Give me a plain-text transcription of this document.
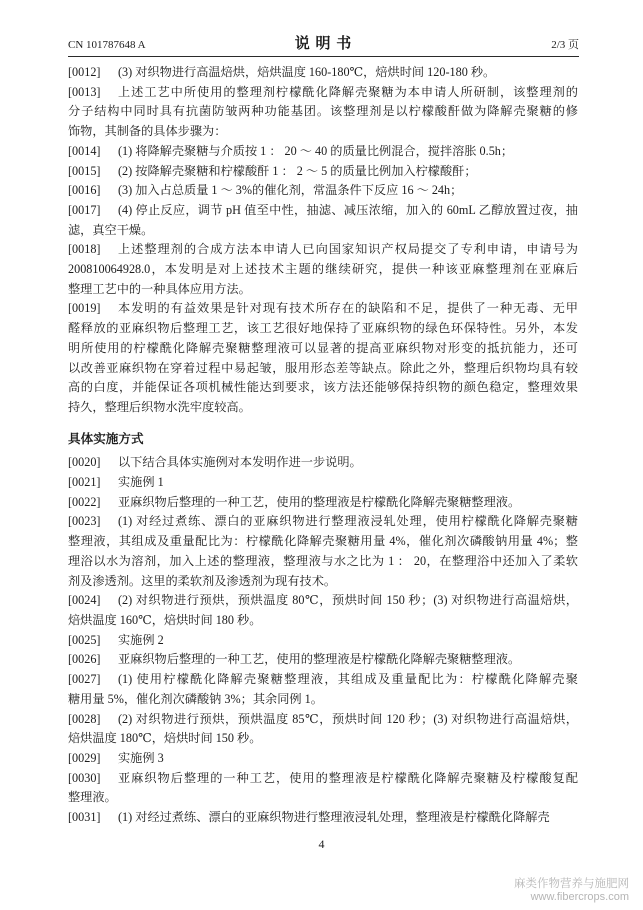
CN 101787648 A	说 明 书	2/3 页
[0012]	(3) 对织物进行高温焙烘，焙烘温度 160-180℃，焙烘时间 120-180 秒。
[0013]	上述工艺中所使用的整理剂柠檬酰化降解壳聚糖为本申请人所研制，该整理剂的
分子结构中同时具有抗菌防皱两种功能基团。该整理剂是以柠檬酸酐做为降解壳聚糖的修
饰物，其制备的具体步骤为：
[0014]	(1) 将降解壳聚糖与介质按 1 ： 20 ～ 40 的质量比例混合，搅拌溶胀 0.5h；
[0015]	(2) 按降解壳聚糖和柠檬酸酐 1 ： 2 ～ 5 的质量比例加入柠檬酸酐；
[0016]	(3) 加入占总质量 1 ～ 3%的催化剂，常温条件下反应 16 ～ 24h；
[0017]	(4) 停止反应，调节 pH 值至中性，抽滤、减压浓缩，加入的 60mL 乙醇放置过夜，抽
滤，真空干燥。
[0018]	上述整理剂的合成方法本申请人已向国家知识产权局提交了专利申请，申请号为
200810064928.0，本发明是对上述技术主题的继续研究，提供一种该亚麻整理剂在亚麻后
整理工艺中的一种具体应用方法。
[0019]	本发明的有益效果是针对现有技术所存在的缺陷和不足，提供了一种无毒、无甲
醛释放的亚麻织物后整理工艺，该工艺很好地保持了亚麻织物的绿色环保特性。另外，本发
明所使用的柠檬酰化降解壳聚糖整理液可以显著的提高亚麻织物对形变的抵抗能力，还可
以改善亚麻织物在穿着过程中易起皱，服用形态差等缺点。除此之外，整理后织物均具有较
高的白度，并能保证各项机械性能达到要求，该方法还能够保持织物的颜色稳定，整理效果
持久，整理后织物水洗牢度较高。
具体实施方式
[0020]	以下结合具体实施例对本发明作进一步说明。
[0021]	实施例 1
[0022]	亚麻织物后整理的一种工艺，使用的整理液是柠檬酰化降解壳聚糖整理液。
[0023]	(1) 对经过煮练、漂白的亚麻织物进行整理液浸轧处理，使用柠檬酰化降解壳聚糖
整理液，其组成及重量配比为：柠檬酰化降解壳聚糖用量 4%，催化剂次磷酸钠用量 4%；整
理浴以水为溶剂，加入上述的整理液，整理液与水之比为 1 ： 20，在整理浴中还加入了柔软
剂及渗透剂。这里的柔软剂及渗透剂为现有技术。
[0024]	(2) 对织物进行预烘，预烘温度 80℃，预烘时间 150 秒；(3) 对织物进行高温焙烘，
焙烘温度 160℃，焙烘时间 180 秒。
[0025]	实施例 2
[0026]	亚麻织物后整理的一种工艺，使用的整理液是柠檬酰化降解壳聚糖整理液。
[0027]	(1) 使用柠檬酰化降解壳聚糖整理液，其组成及重量配比为：柠檬酰化降解壳聚
糖用量 5%，催化剂次磷酸钠 3%；其余同例 1。
[0028]	(2) 对织物进行预烘，预烘温度 85℃，预烘时间 120 秒；(3) 对织物进行高温焙烘，
焙烘温度 180℃，焙烘时间 150 秒。
[0029]	实施例 3
[0030]	亚麻织物后整理的一种工艺，使用的整理液是柠檬酰化降解壳聚糖及柠檬酸复配
整理液。
[0031]	(1) 对经过煮练、漂白的亚麻织物进行整理液浸轧处理，整理液是柠檬酰化降解壳
4
麻类作物营养与施肥网
www.fibercrops.com
